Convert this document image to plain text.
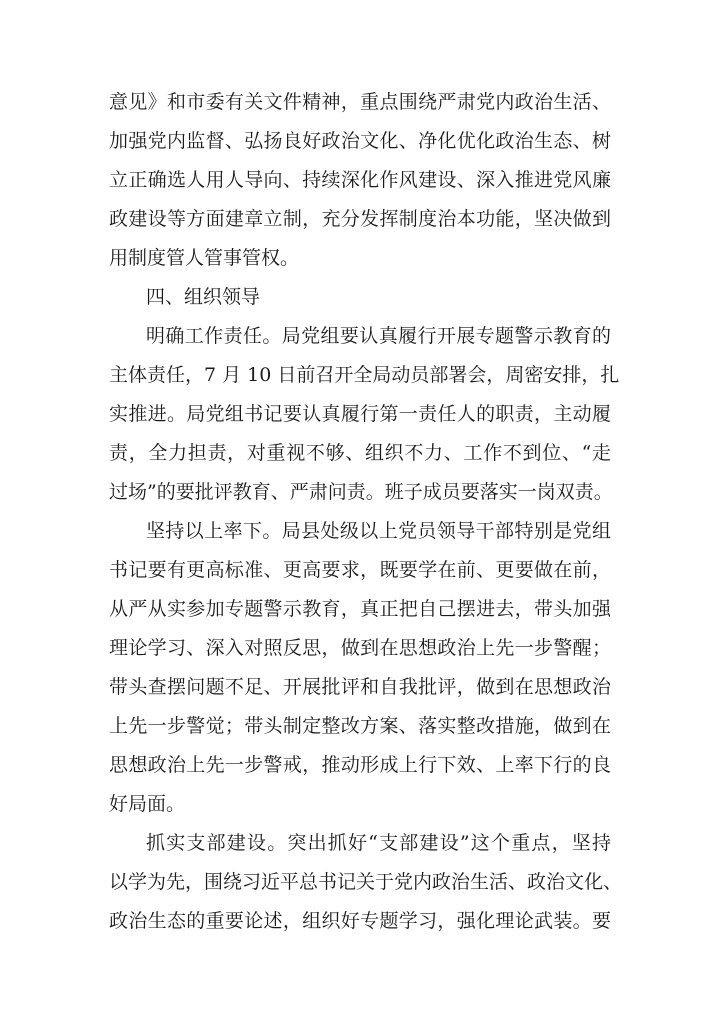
意见》和市委有关文件精神，重点围绕严肃党内政治生活、
加强党内监督、弘扬良好政治文化、净化优化政治生态、树
立正确选人用人导向、持续深化作风建设、深入推进党风廉
政建设等方面建章立制，充分发挥制度治本功能，坚决做到
用制度管人管事管权。
四、组织领导
明确工作责任。局党组要认真履行开展专题警示教育的
主体责任，7 月 10 日前召开全局动员部署会，周密安排，扎
实推进。局党组书记要认真履行第一责任人的职责，主动履
责，全力担责，对重视不够、组织不力、工作不到位、“走
过场”的要批评教育、严肃问责。班子成员要落实一岗双责。
坚持以上率下。局县处级以上党员领导干部特别是党组
书记要有更高标准、更高要求，既要学在前、更要做在前，
从严从实参加专题警示教育，真正把自己摆进去，带头加强
理论学习、深入对照反思，做到在思想政治上先一步警醒；
带头查摆问题不足、开展批评和自我批评，做到在思想政治
上先一步警觉；带头制定整改方案、落实整改措施，做到在
思想政治上先一步警戒，推动形成上行下效、上率下行的良
好局面。
抓实支部建设。突出抓好“支部建设”这个重点，坚持
以学为先，围绕习近平总书记关于党内政治生活、政治文化、
政治生态的重要论述，组织好专题学习，强化理论武装。要
